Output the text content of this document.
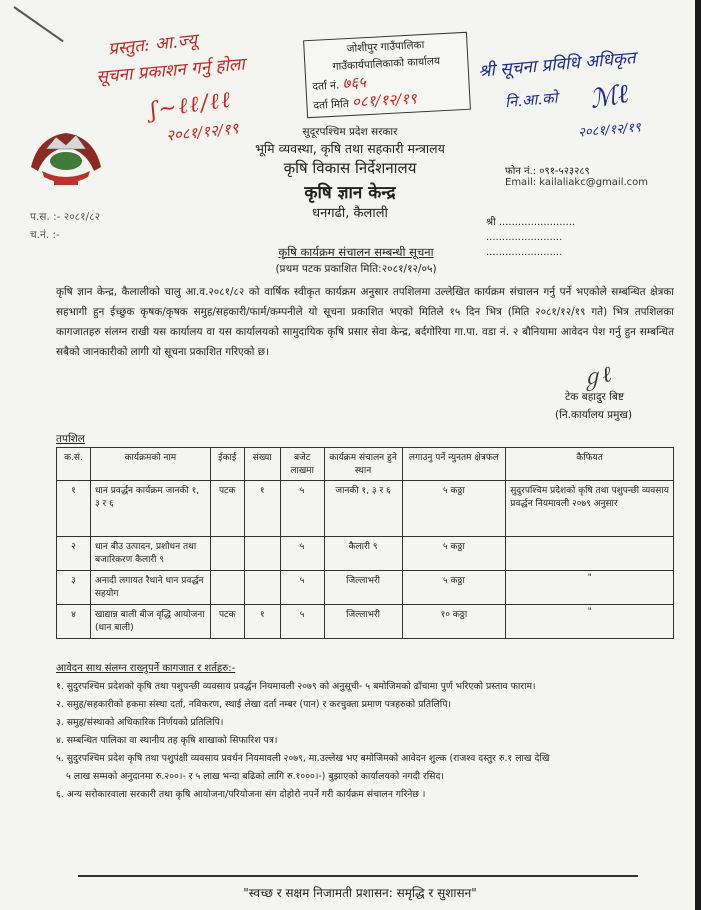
प्रस्तुत: आ.ज्यू
सूचना प्रकाशन गर्नु होला
ʃ~ℓℓ/ℓℓ
२०८१/१२/१९
जोशीपुर गाउँपालिका
गाउँकार्यपालिकाको कार्यालय
दर्ता नं. ७६५
दर्ता मिति ०८१/१२/१९
श्री सूचना प्रविधि अधिकृत
नि.आ.को ℳℓ
२०८१/१२/१९
सुदूरपश्चिम प्रदेश सरकार
भूमि व्यवस्था, कृषि तथा सहकारी मन्त्रालय
कृषि विकास निर्देशनालय
कृषि ज्ञान केन्द्र
धनगढी, कैलाली
फोन नं.: ०९१-५२३२८९
Email: kailaliakc@gmail.com
प.स. :- २०८१/८२
च.नं. :-
श्री ........................
........................
........................
कृषि कार्यक्रम संचालन सम्बन्धी सूचना
(प्रथम पटक प्रकाशित मिति:२०८१/१२/०५)
कृषि ज्ञान केन्द्र, कैलालीको चालु आ.व.२०८१/८२ को वार्षिक स्वीकृत कार्यक्रम अनुसार तपशिलमा उल्लेखित कार्यक्रम संचालन गर्नु पर्ने भएकोले सम्बन्धित क्षेत्रका सहभागी हुन ईच्छुक कृषक/कृषक समुह/सहकारी/फार्म/कम्पनीले यो सूचना प्रकाशित भएको मितिले १५ दिन भित्र (मिति २०८१/१२/१९ गते) भित्र तपशिलका कागजातहरु संलग्न राखी यस कार्यालय वा यस कार्यालयको सामुदायिक कृषि प्रसार सेवा केन्द्र, बर्दगोरिया गा.पा. वडा नं. २ बौनियामा आवेदन पेश गर्नु हुन सम्बन्धित सबैको जानकारीको लागी यो सूचना प्रकाशित गरिएको छ।
ℊℓ
टेक बहादुर बिष्ट
(नि.कार्यालय प्रमुख)
तपशिल
क.सं.	कार्यक्रमको नाम	ईकाई	संख्या	बजेट लाखमा	कार्यक्रम संचालन हुने स्थान	लगाउनु पर्ने न्युनतम क्षेत्रफल	कैफियत
१	धान प्रवर्द्धन कार्यक्रम जानकी १, ३ र ६	पटक	१	५	जानकी १, ३ र ६	५ कठ्ठा	सुदुरपश्चिम प्रदेशको कृषि तथा पशुपन्छी व्यवसाय प्रवर्द्धन नियमावली २०७९ अनुसार
२	धान बीउ उत्पादन, प्रशोधन तथा बजारिकरण कैलारी ९			५	कैलारी ९	५ कठ्ठा	
३	अनादी लगायत रैथाने धान प्रवर्द्धन सहयोग			५	जिल्लाभरी	५ कठ्ठा	"
४	खाद्यान्न बाली बीज वृद्धि आयोजना (धान बाली)	पटक	१	५	जिल्लाभरी	१० कठ्ठा	"
आवेदन साथ संलग्न राख्नुपर्ने कागजात र शर्तहरु:-
१. सुदुरपश्चिम प्रदेशको कृषि तथा पशुपन्छी व्यवसाय प्रवर्द्धन नियमावली २०७९ को अनुसूची- ५ बमोजिमको ढाँचामा पुर्ण भरिएको प्रस्ताव फाराम।
२. समुह/सहकारीको हकमा संस्था दर्ता, नविकरण, स्थाई लेखा दर्ता नम्बर (पान) र करचुक्ता प्रमाण पत्रहरुको प्रतिलिपि।
३. समुह/संस्थाको अधिकारिक निर्णयको प्रतिलिपि।
४. सम्बन्धित पालिका वा स्थानीय तह कृषि शाखाको सिफारिश पत्र।
५. सुदुरपश्चिम प्रदेश कृषि तथा पशुपंक्षी व्यवसाय प्रवर्धन नियमावली २०७९, मा.उल्लेख भए बमोजिमको आवेदन शुल्क (राजश्व दस्तुर रु.१ लाख देखि
५ लाख सम्मको अनुदानमा रु.२००।- र ५ लाख भन्दा बढिको लागि रु.१०००।-) बुझाएको कार्यालयको नगदी रसिद।
६. अन्य सरोकारवाला सरकारी तथा कृषि आयोजना/परियोजना संग दोहोरो नपर्ने गरी कार्यक्रम संचालन गरिनेछ ।
"स्वच्छ र सक्षम निजामती प्रशासन: समृद्धि र सुशासन"
